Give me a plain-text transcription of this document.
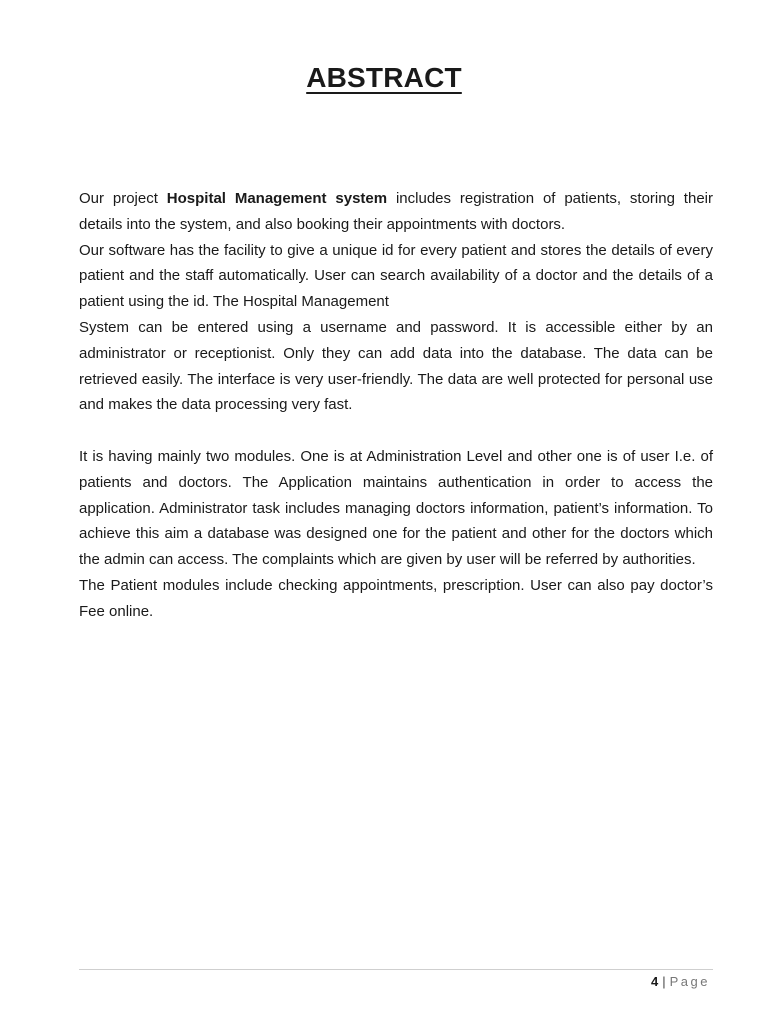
ABSTRACT

Our project Hospital Management system includes registration of patients, storing their details into the system, and also booking their appointments with doctors.

Our software has the facility to give a unique id for every patient and stores the details of every patient and the staff automatically. User can search availability of a doctor and the details of a patient using the id. The Hospital Management

System can be entered using a username and password. It is accessible either by an administrator or receptionist. Only they can add data into the database. The data can be retrieved easily. The interface is very user-friendly. The data are well protected for personal use and makes the data processing very fast.

It is having mainly two modules. One is at Administration Level and other one is of user I.e. of patients and doctors. The Application maintains authentication in order to access the application. Administrator task includes managing doctors information, patient’s information. To achieve this aim a database was designed one for the patient and other for the doctors which the admin can access. The complaints which are given by user will be referred by authorities.

The Patient modules include checking appointments, prescription. User can also pay doctor’s Fee online.

4 | Page
